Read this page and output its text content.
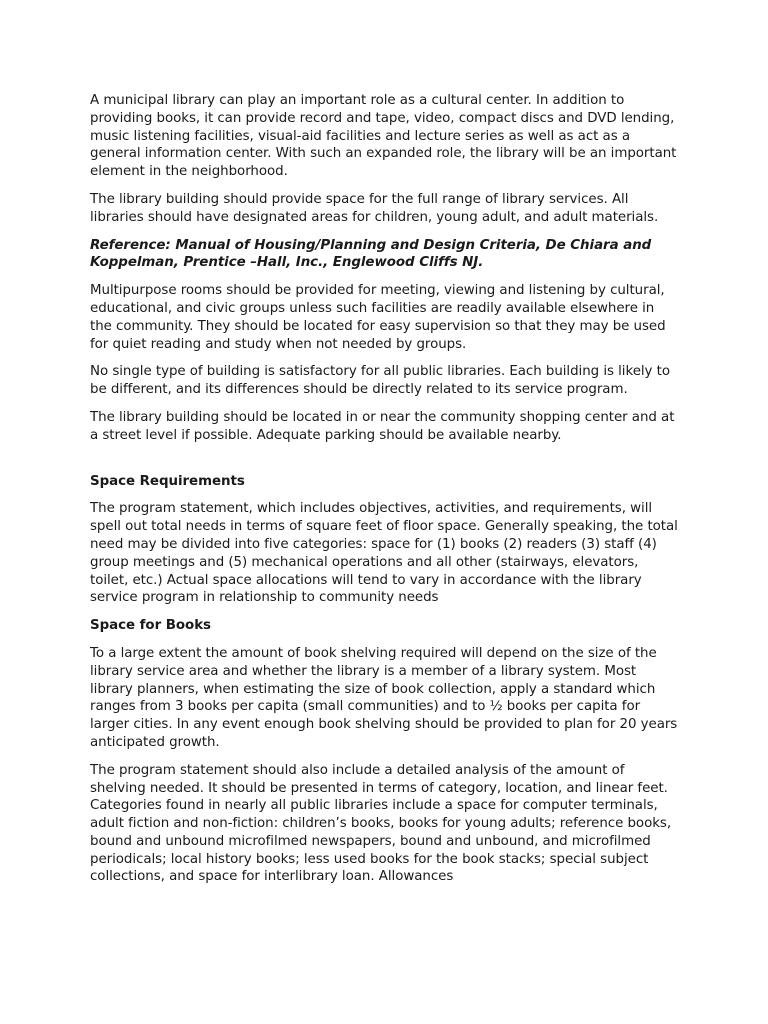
A municipal library can play an important role as a cultural center. In addition to providing books, it can provide record and tape, video, compact discs and DVD lending, music listening facilities, visual-aid facilities and lecture series as well as act as a general information center. With such an expanded role, the library will be an important element in the neighborhood.

The library building should provide space for the full range of library services. All libraries should have designated areas for children, young adult, and adult materials.

Reference: Manual of Housing/Planning and Design Criteria, De Chiara and Koppelman, Prentice –Hall, Inc., Englewood Cliffs NJ.

Multipurpose rooms should be provided for meeting, viewing and listening by cultural, educational, and civic groups unless such facilities are readily available elsewhere in the community. They should be located for easy supervision so that they may be used for quiet reading and study when not needed by groups.

No single type of building is satisfactory for all public libraries. Each building is likely to be different, and its differences should be directly related to its service program.

The library building should be located in or near the community shopping center and at a street level if possible. Adequate parking should be available nearby.

Space Requirements

The program statement, which includes objectives, activities, and requirements, will spell out total needs in terms of square feet of floor space. Generally speaking, the total need may be divided into five categories: space for (1) books (2) readers (3) staff (4) group meetings and (5) mechanical operations and all other (stairways, elevators, toilet, etc.) Actual space allocations will tend to vary in accordance with the library service program in relationship to community needs

Space for Books

To a large extent the amount of book shelving required will depend on the size of the library service area and whether the library is a member of a library system. Most library planners, when estimating the size of book collection, apply a standard which ranges from 3 books per capita (small communities) and to ½ books per capita for larger cities. In any event enough book shelving should be provided to plan for 20 years anticipated growth.

The program statement should also include a detailed analysis of the amount of shelving needed. It should be presented in terms of category, location, and linear feet. Categories found in nearly all public libraries include a space for computer terminals, adult fiction and non-fiction: children’s books, books for young adults; reference books, bound and unbound microfilmed newspapers, bound and unbound, and microfilmed periodicals; local history books; less used books for the book stacks; special subject collections, and space for interlibrary loan. Allowances
